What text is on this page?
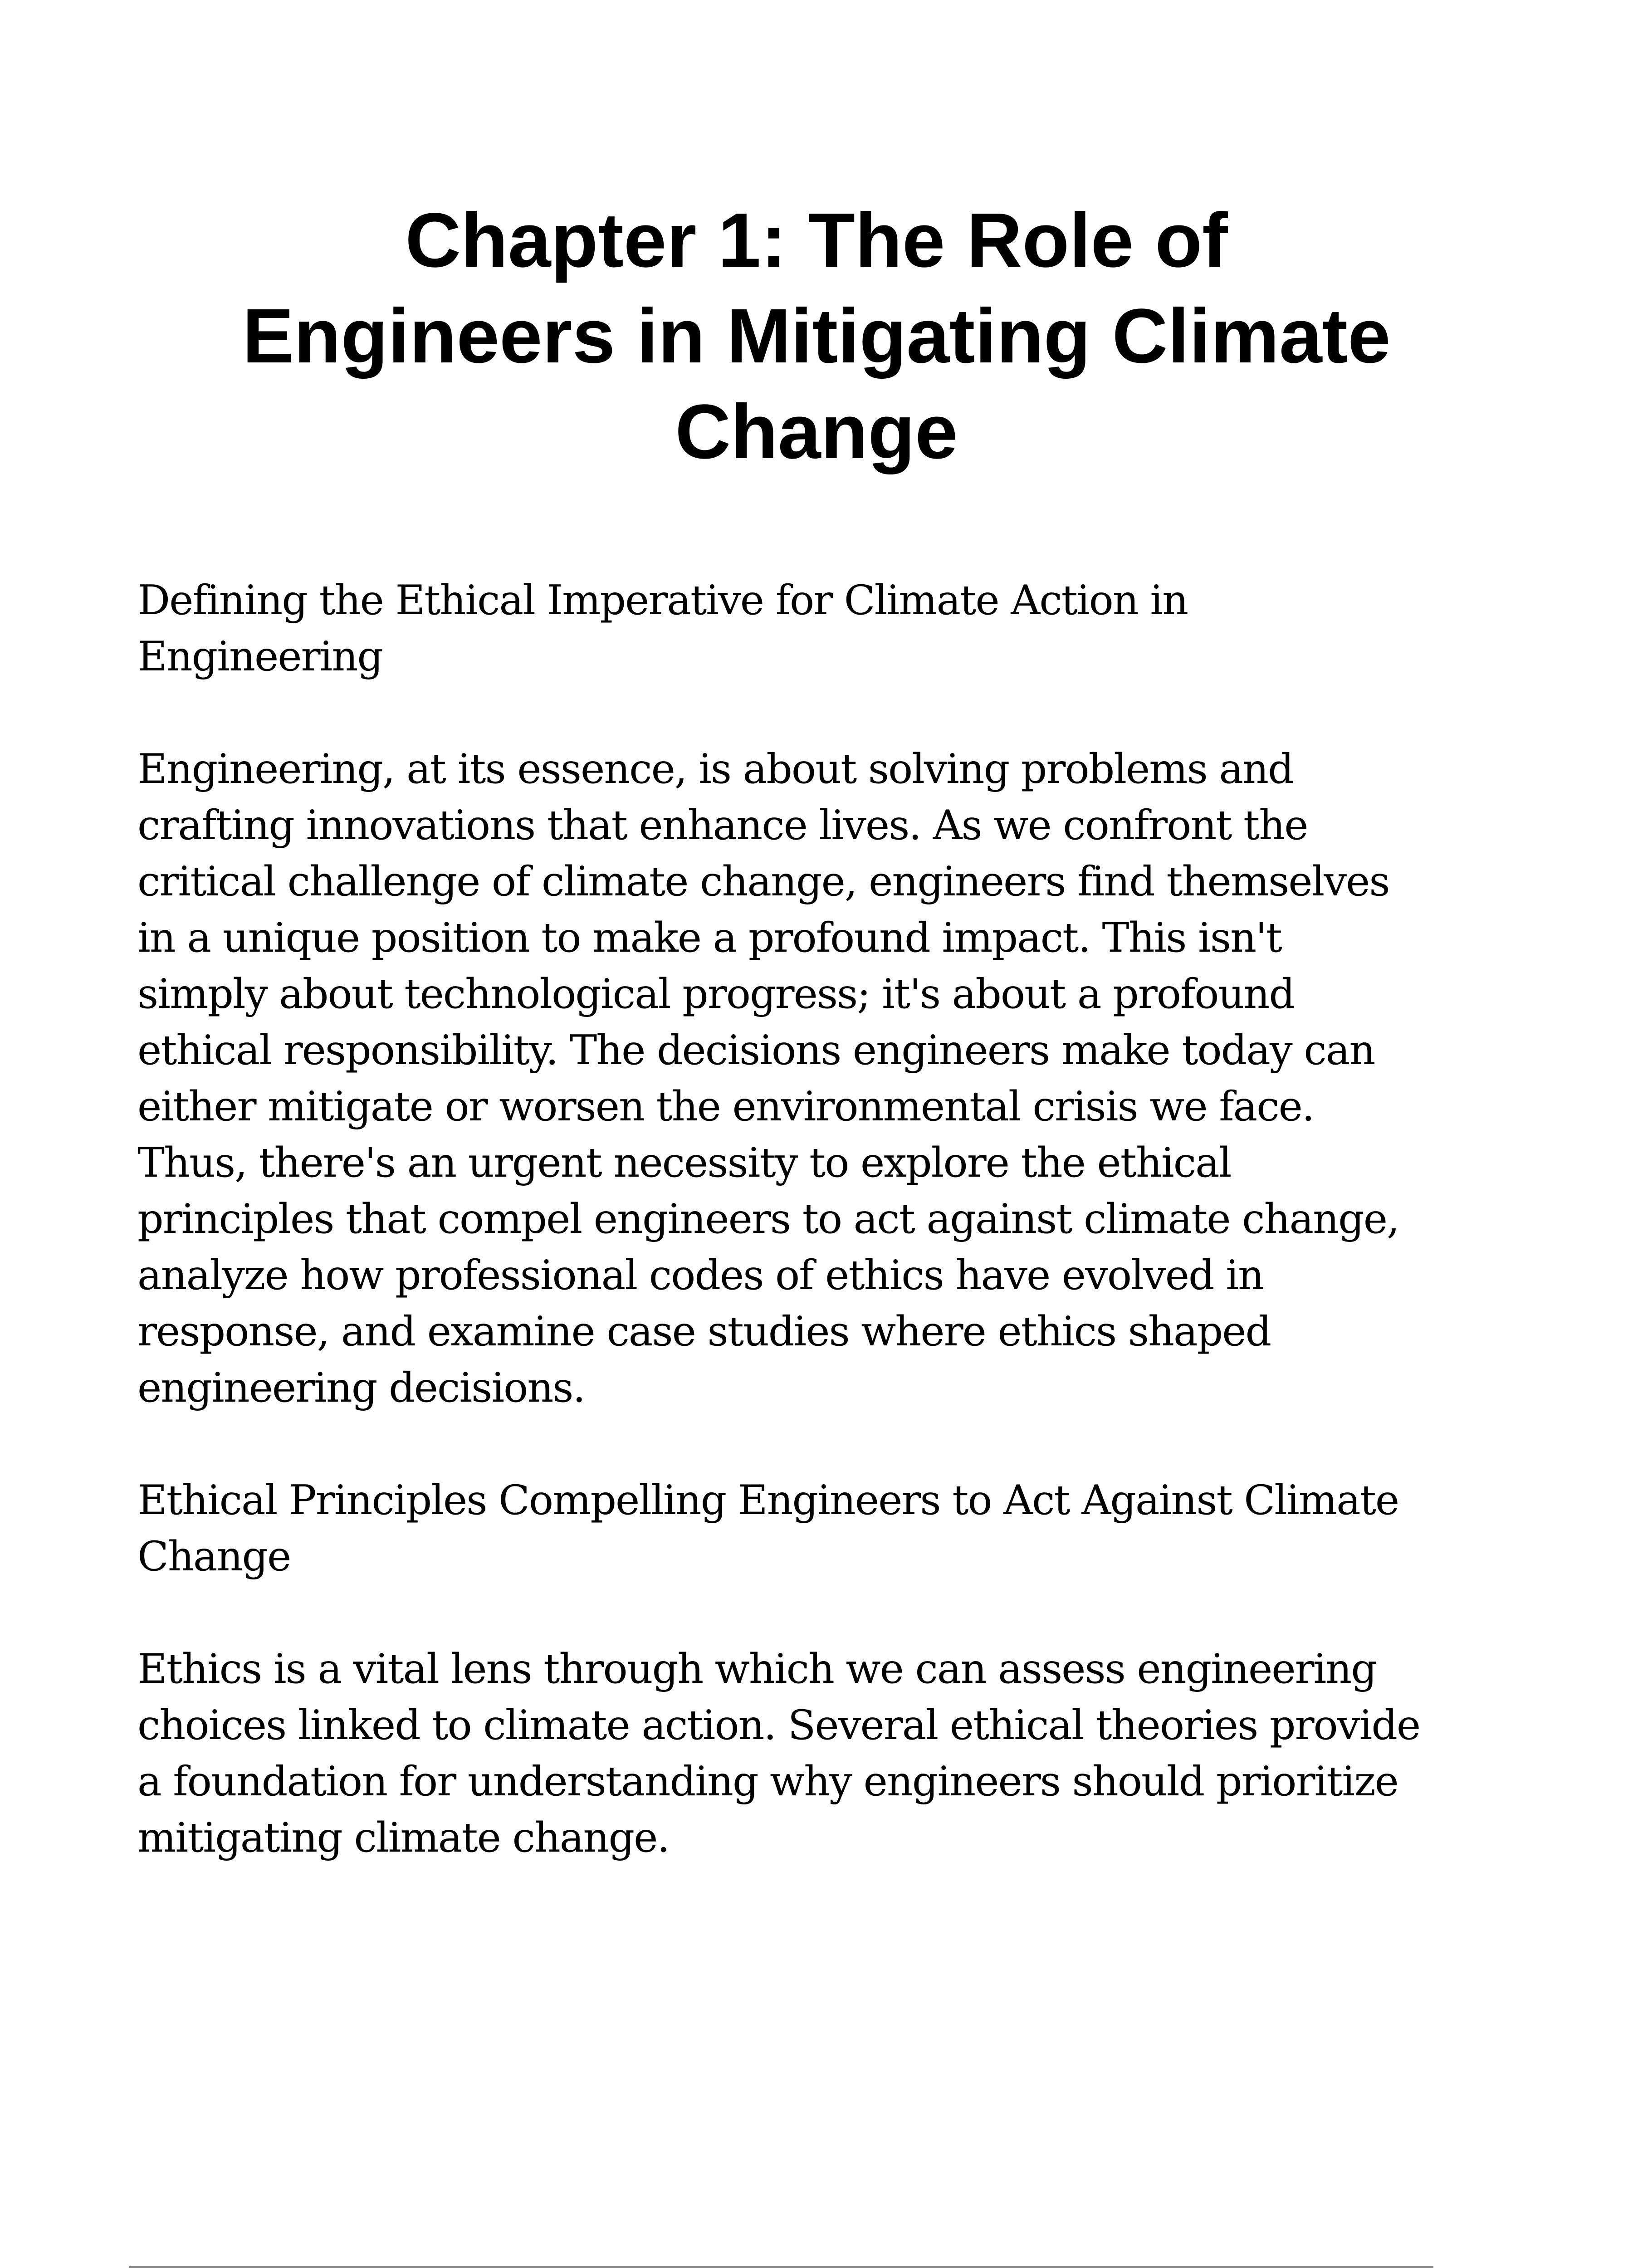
Chapter 1: The Role of
Engineers in Mitigating Climate
Change

Defining the Ethical Imperative for Climate Action in
Engineering

Engineering, at its essence, is about solving problems and
crafting innovations that enhance lives. As we confront the
critical challenge of climate change, engineers find themselves
in a unique position to make a profound impact. This isn't
simply about technological progress; it's about a profound
ethical responsibility. The decisions engineers make today can
either mitigate or worsen the environmental crisis we face.
Thus, there's an urgent necessity to explore the ethical
principles that compel engineers to act against climate change,
analyze how professional codes of ethics have evolved in
response, and examine case studies where ethics shaped
engineering decisions.

Ethical Principles Compelling Engineers to Act Against Climate
Change

Ethics is a vital lens through which we can assess engineering
choices linked to climate action. Several ethical theories provide
a foundation for understanding why engineers should prioritize
mitigating climate change.
